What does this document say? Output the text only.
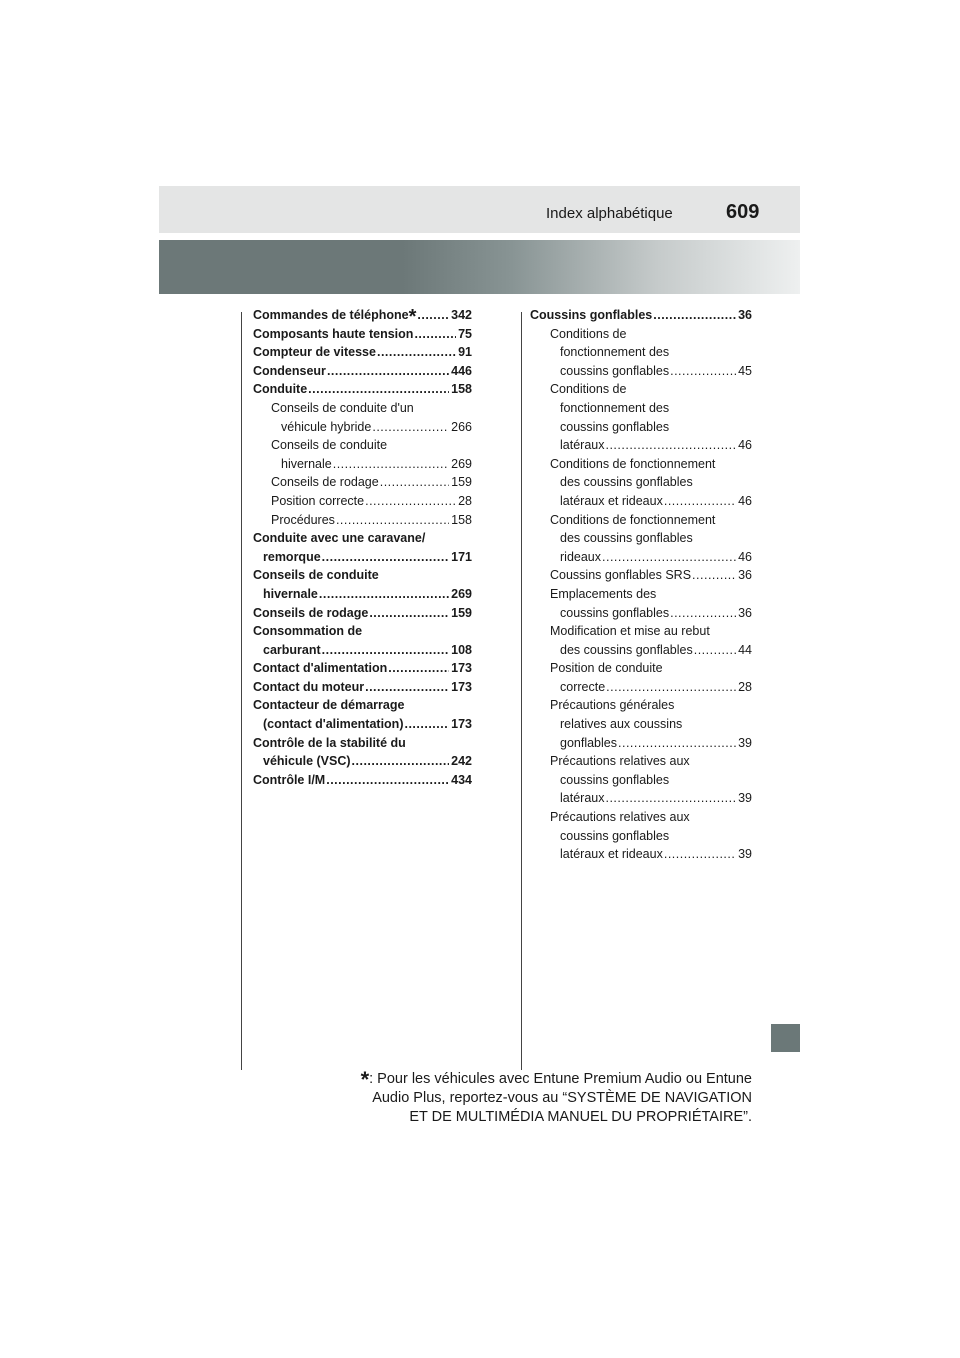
Index alphabétique	609
Commandes de téléphone* .....	342
Composants haute tension .....	75
Compteur de vitesse .....	91
Condenseur .....	446
Conduite .....	158
Conseils de conduite d'un
véhicule hybride .....	266
Conseils de conduite
hivernale .....	269
Conseils de rodage .....	159
Position correcte .....	28
Procédures .....	158
Conduite avec une caravane/
remorque .....	171
Conseils de conduite
hivernale .....	269
Conseils de rodage .....	159
Consommation de
carburant .....	108
Contact d'alimentation .....	173
Contact du moteur .....	173
Contacteur de démarrage
(contact d'alimentation) .....	173
Contrôle de la stabilité du
véhicule (VSC) .....	242
Contrôle I/M .....	434
Coussins gonflables .....	36
Conditions de
fonctionnement des
coussins gonflables .....	45
Conditions de
fonctionnement des
coussins gonflables
latéraux .....	46
Conditions de fonctionnement
des coussins gonflables
latéraux et rideaux .....	46
Conditions de fonctionnement
des coussins gonflables
rideaux .....	46
Coussins gonflables SRS .....	36
Emplacements des
coussins gonflables .....	36
Modification et mise au rebut
des coussins gonflables .....	44
Position de conduite
correcte .....	28
Précautions générales
relatives aux coussins
gonflables .....	39
Précautions relatives aux
coussins gonflables
latéraux .....	39
Précautions relatives aux
coussins gonflables
latéraux et rideaux .....	39
*: Pour les véhicules avec Entune Premium Audio ou Entune
Audio Plus, reportez-vous au “SYSTÈME DE NAVIGATION
ET DE MULTIMÉDIA MANUEL DU PROPRIÉTAIRE”.
